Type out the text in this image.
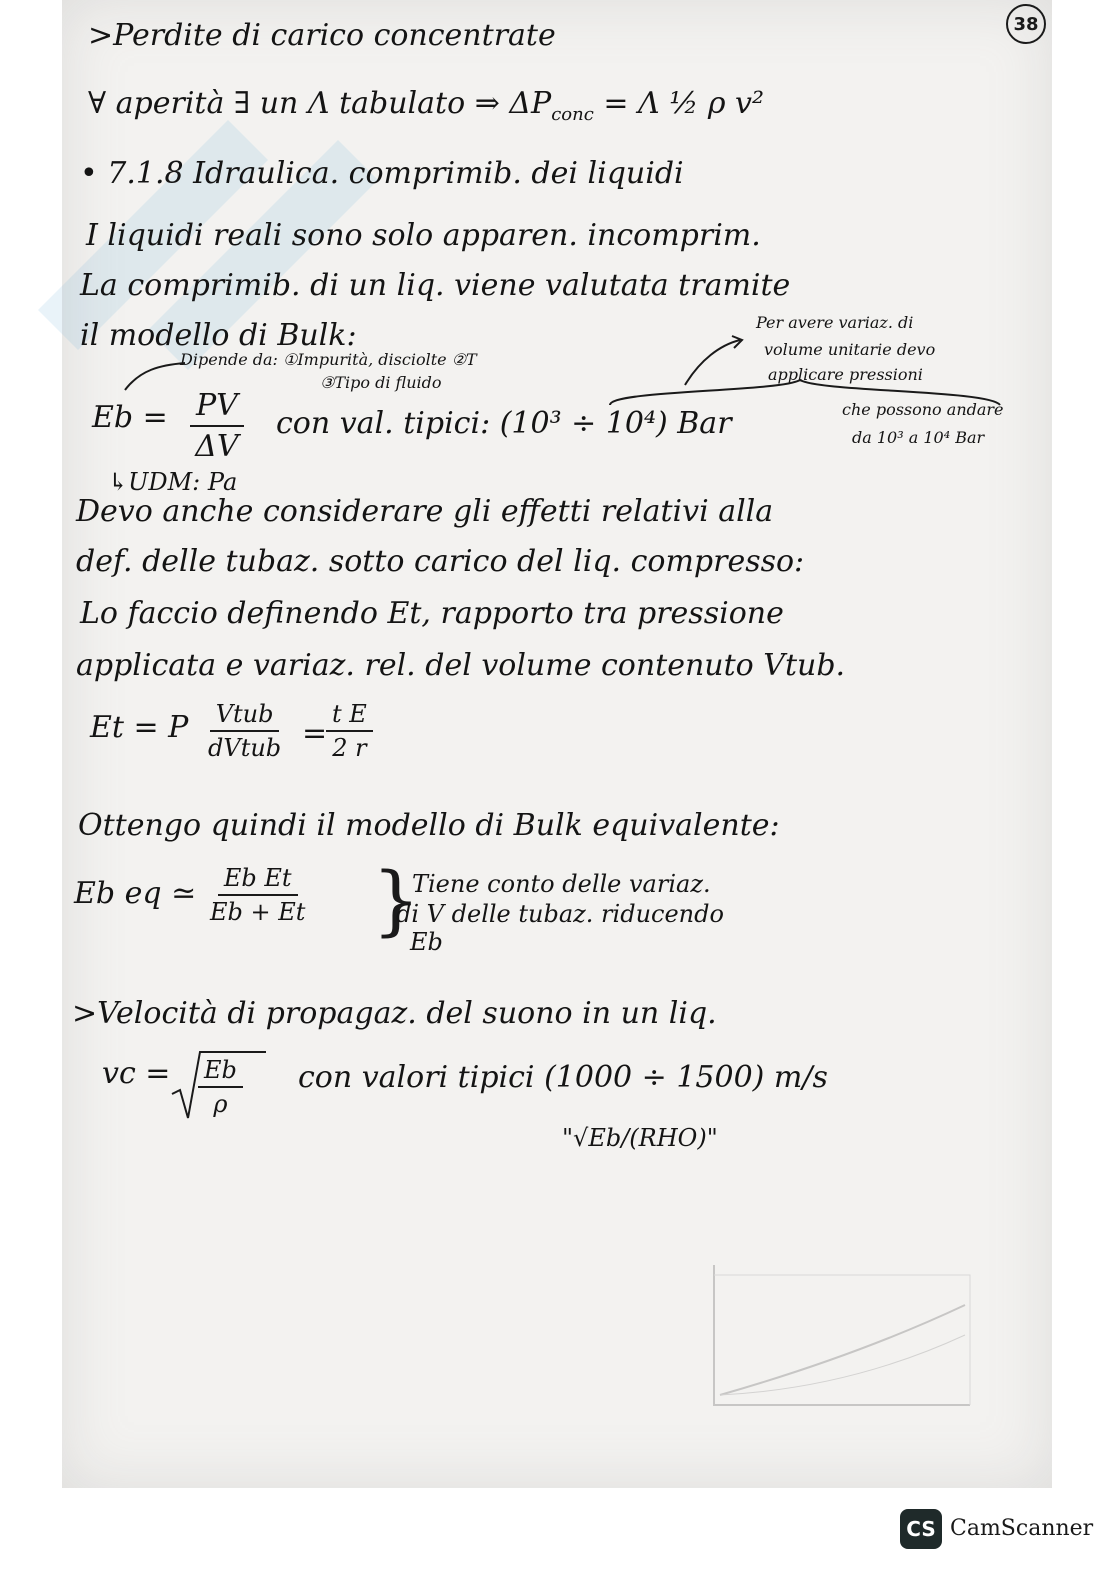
38
>Perdite di carico concentrate
∀ aperità ∃ un Λ tabulato ⇒ $\Delta P_{conc} = \Lambda$ ½ ρ v²
• 7.1.8 Idraulica. comprimib. dei liquidi
I liquidi reali sono solo apparen. incomprim.
La comprimib. di un liq. viene valutata tramite
il modello di Bulk:
Dipende da: ①Impurità, disciolte ②T
③Tipo di fluido
Per avere variaz. di
volume unitarie devo
applicare pressioni
che possono andare
da 10³ a 10⁴ Bar
$Eb = \frac{PV}{\Delta V}$ con val. tipici: (10³ ÷ 10⁴) Bar
↳UDM: Pa
Devo anche considerare gli effetti relativi alla
def. delle tubaz. sotto carico del liq. compresso:
Lo faccio definendo Et, rapporto tra pressione
applicata e variaz. rel. del volume contenuto Vtub.
Et = P Vtub
dVtub =
$\frac{\text{t E}}{2 r}$
Ottengo quindi il modello di Bulk equivalente:
Eb eq ≃ $\frac{\text{Eb Et}}{Eb + Et}$ }
Tiene conto delle variaz.
di V delle tubaz. riducendo
Eb
>Velocità di propagaz. del suono in un liq.
vc = $\frac{Eb}{\rho}$ con valori tipici (1000 ÷ 1500) m/s
"√Eb/(RHO)"
CS CamScanner
